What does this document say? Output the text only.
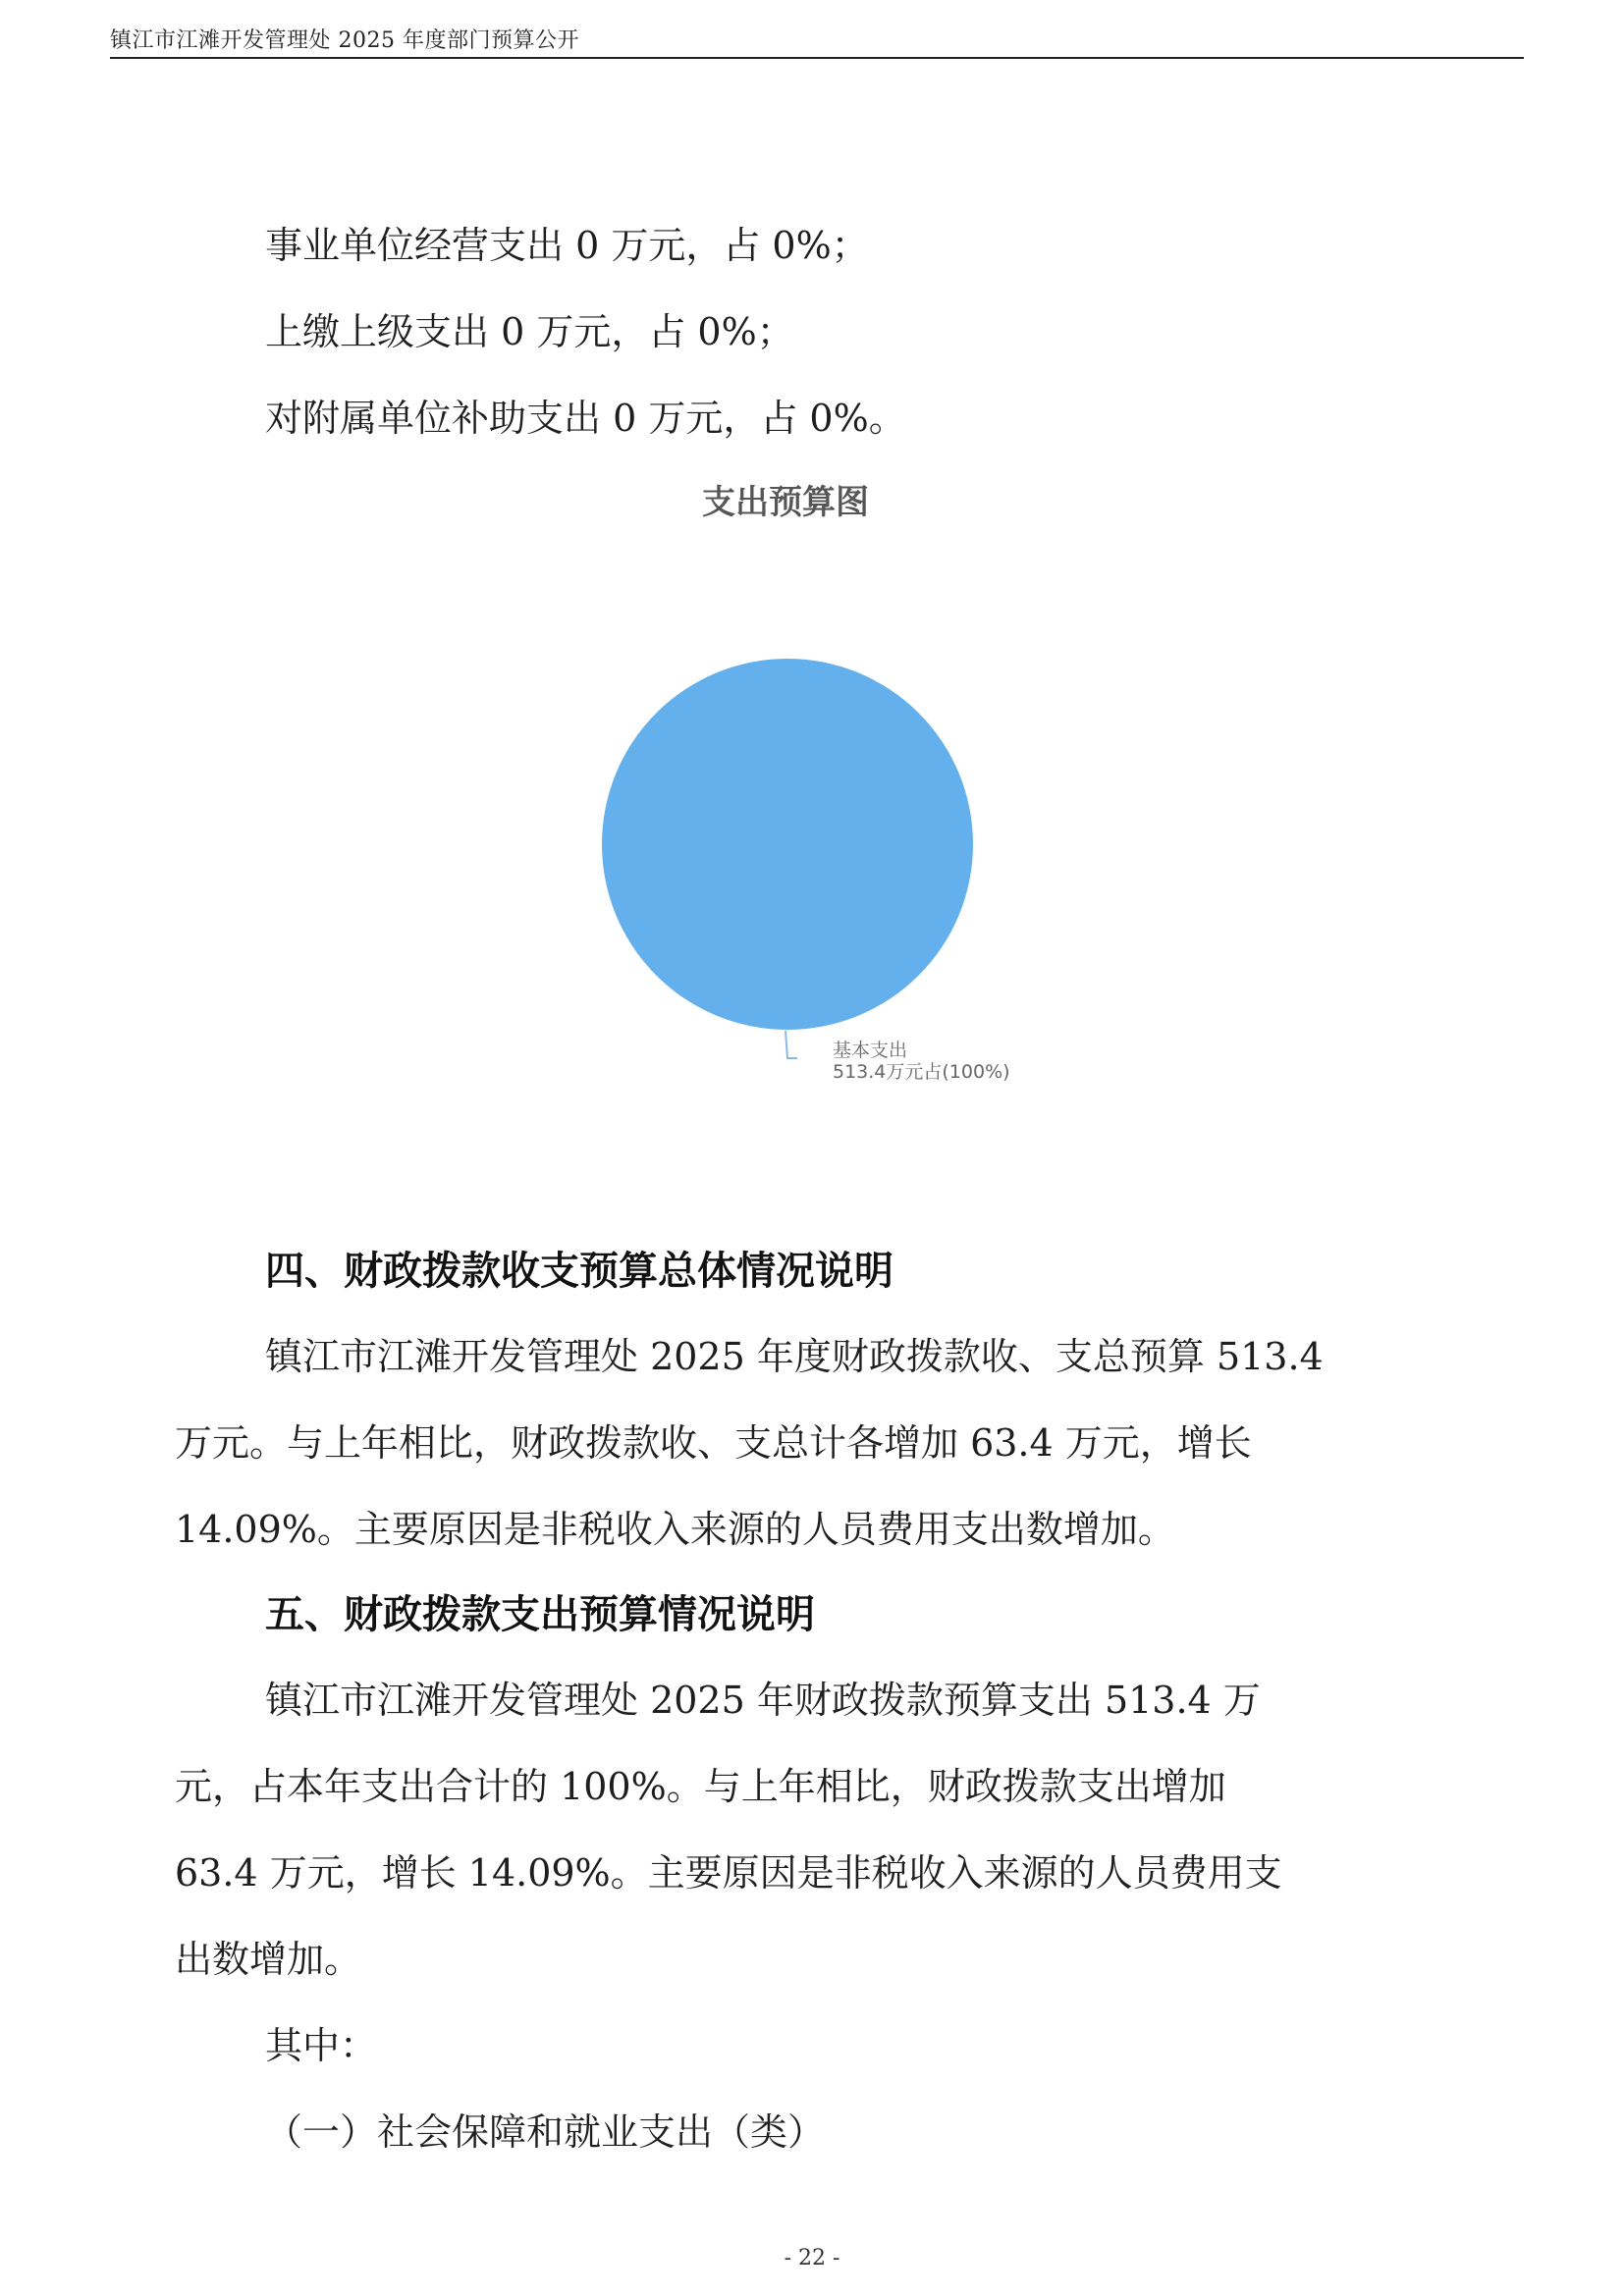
镇江市江滩开发管理处 2025 年度部门预算公开
事业单位经营支出 0 万元，占 0%；
上缴上级支出 0 万元，占 0%；
对附属单位补助支出 0 万元，占 0%。
支出预算图
基本支出
513.4万元占(100%)
四、财政拨款收支预算总体情况说明
镇江市江滩开发管理处 2025 年度财政拨款收、支总预算 513.4
万元。与上年相比，财政拨款收、支总计各增加 63.4 万元，增长
14.09%。主要原因是非税收入来源的人员费用支出数增加。
五、财政拨款支出预算情况说明
镇江市江滩开发管理处 2025 年财政拨款预算支出 513.4 万
元，占本年支出合计的 100%。与上年相比，财政拨款支出增加
63.4 万元，增长 14.09%。主要原因是非税收入来源的人员费用支
出数增加。
其中：
（一）社会保障和就业支出（类）
- 22 -
